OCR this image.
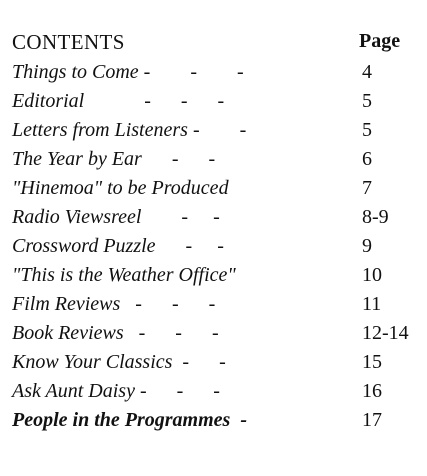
CONTENTS	Page
Things to Come -        -        -	4
Editorial            -      -      -	5
Letters from Listeners -        -	5
The Year by Ear      -      -	6
"Hinemoa" to be Produced	7
Radio Viewsreel        -     -	8-9
Crossword Puzzle      -     -	9
"This is the Weather Office"	10
Film Reviews   -      -      -	11
Book Reviews   -      -      -	12-14
Know Your Classics  -      -	15
Ask Aunt Daisy -      -      -	16
People in the Programmes  -	17
